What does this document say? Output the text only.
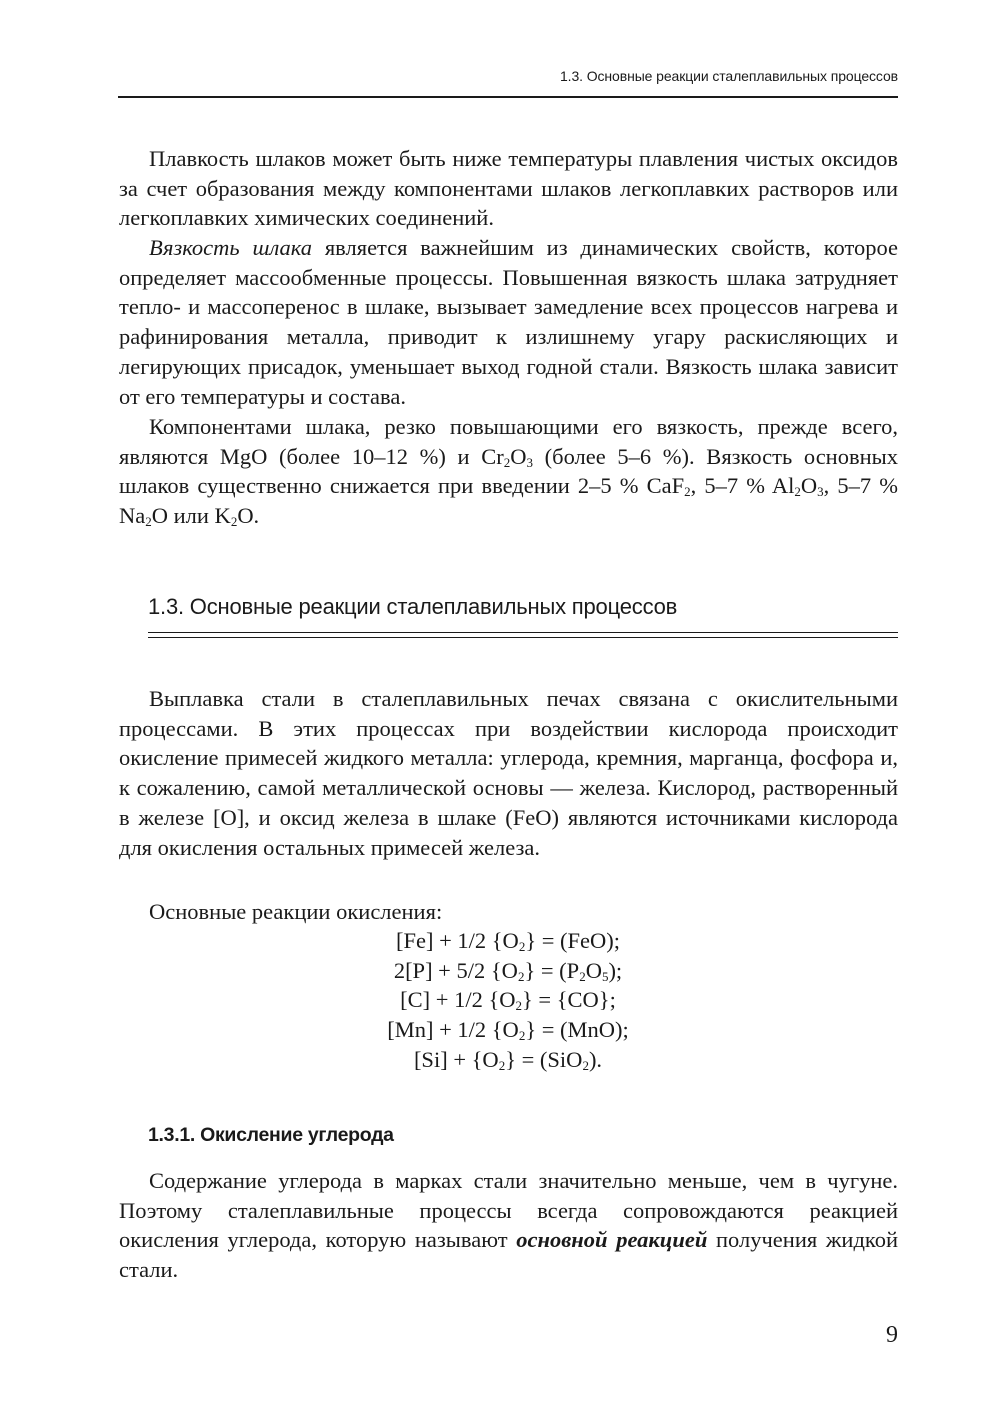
1.3. Основные реакции сталеплавильных процессов

Плавкость шлаков может быть ниже температуры плавления чистых оксидов за счет образования между компонентами шлаков легкоплавких растворов или легкоплавких химических соединений.

Вязкость шлака является важнейшим из динамических свойств, которое определяет массообменные процессы. Повышенная вязкость шлака затрудняет тепло- и массоперенос в шлаке, вызывает замедление всех процессов нагрева и рафинирования металла, приводит к излишнему угару раскисляющих и легирующих присадок, уменьшает выход годной стали. Вязкость шлака зависит от его температуры и состава.

Компонентами шлака, резко повышающими его вязкость, прежде всего, являются MgO (более 10–12 %) и $Cr_2O_3$ (более 5–6 %). Вязкость основных шлаков существенно снижается при введении 2–5 % CaF$_2$, 5–7 % $Al_2O_3$, 5–7 % $Na_2O$ или $K_2O$.

1.3. Основные реакции сталеплавильных процессов

Выплавка стали в сталеплавильных печах связана с окислительными процессами. В этих процессах при воздействии кислорода происходит окисление примесей жидкого металла: углерода, кремния, марганца, фосфора и, к сожалению, самой металлической основы — железа. Кислород, растворенный в железе [O], и оксид железа в шлаке (FeO) являются источниками кислорода для окисления остальных примесей железа.

Основные реакции окисления:

[Fe] + 1/2 $\{O_2\} = (FeO)$;
2[P] + 5/2 $\{O_2\} = (P_2O_5)$;
[C] + 1/2 $\{O_2\} = \{CO\}$;
[Mn] + 1/2 $\{O_2\} = (MnO)$;
$[Si] + \{O_2\} = (SiO_2)$.
1.3.1. Окисление углерода

Содержание углерода в марках стали значительно меньше, чем в чугуне. Поэтому сталеплавильные процессы всегда сопровождаются реакцией окисления углерода, которую называют основной реакцией получения жидкой стали.

9
